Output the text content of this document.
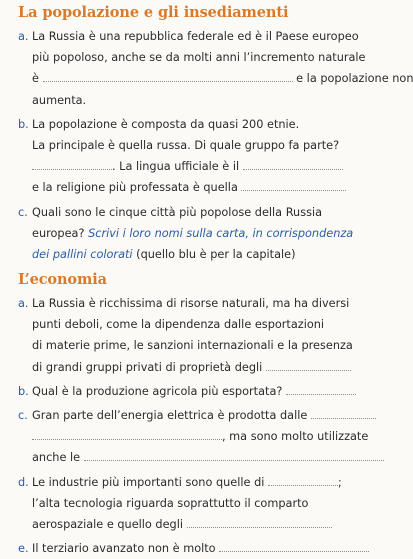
La popolazione e gli insediamenti
a. La Russia è una repubblica federale ed è il Paese europeo
più popoloso, anche se da molti anni l’incremento naturale
è	e la popolazione non
aumenta.
b. La popolazione è composta da quasi 200 etnie.
La principale è quella russa. Di quale gruppo fa parte?
. La lingua ufficiale è il
e la religione più professata è quella
c. Quali sono le cinque città più popolose della Russia
europea? Scrivi i loro nomi sulla carta, in corrispondenza
dei pallini colorati (quello blu è per la capitale)
L’economia
a. La Russia è ricchissima di risorse naturali, ma ha diversi
punti deboli, come la dipendenza dalle esportazioni
di materie prime, le sanzioni internazionali e la presenza
di grandi gruppi privati di proprietà degli
b. Qual è la produzione agricola più esportata?
c. Gran parte dell’energia elettrica è prodotta dalle
, ma sono molto utilizzate
anche le
d. Le industrie più importanti sono quelle di	;
l’alta tecnologia riguarda soprattutto il comparto
aerospaziale e quello degli
e. Il terziario avanzato non è molto
